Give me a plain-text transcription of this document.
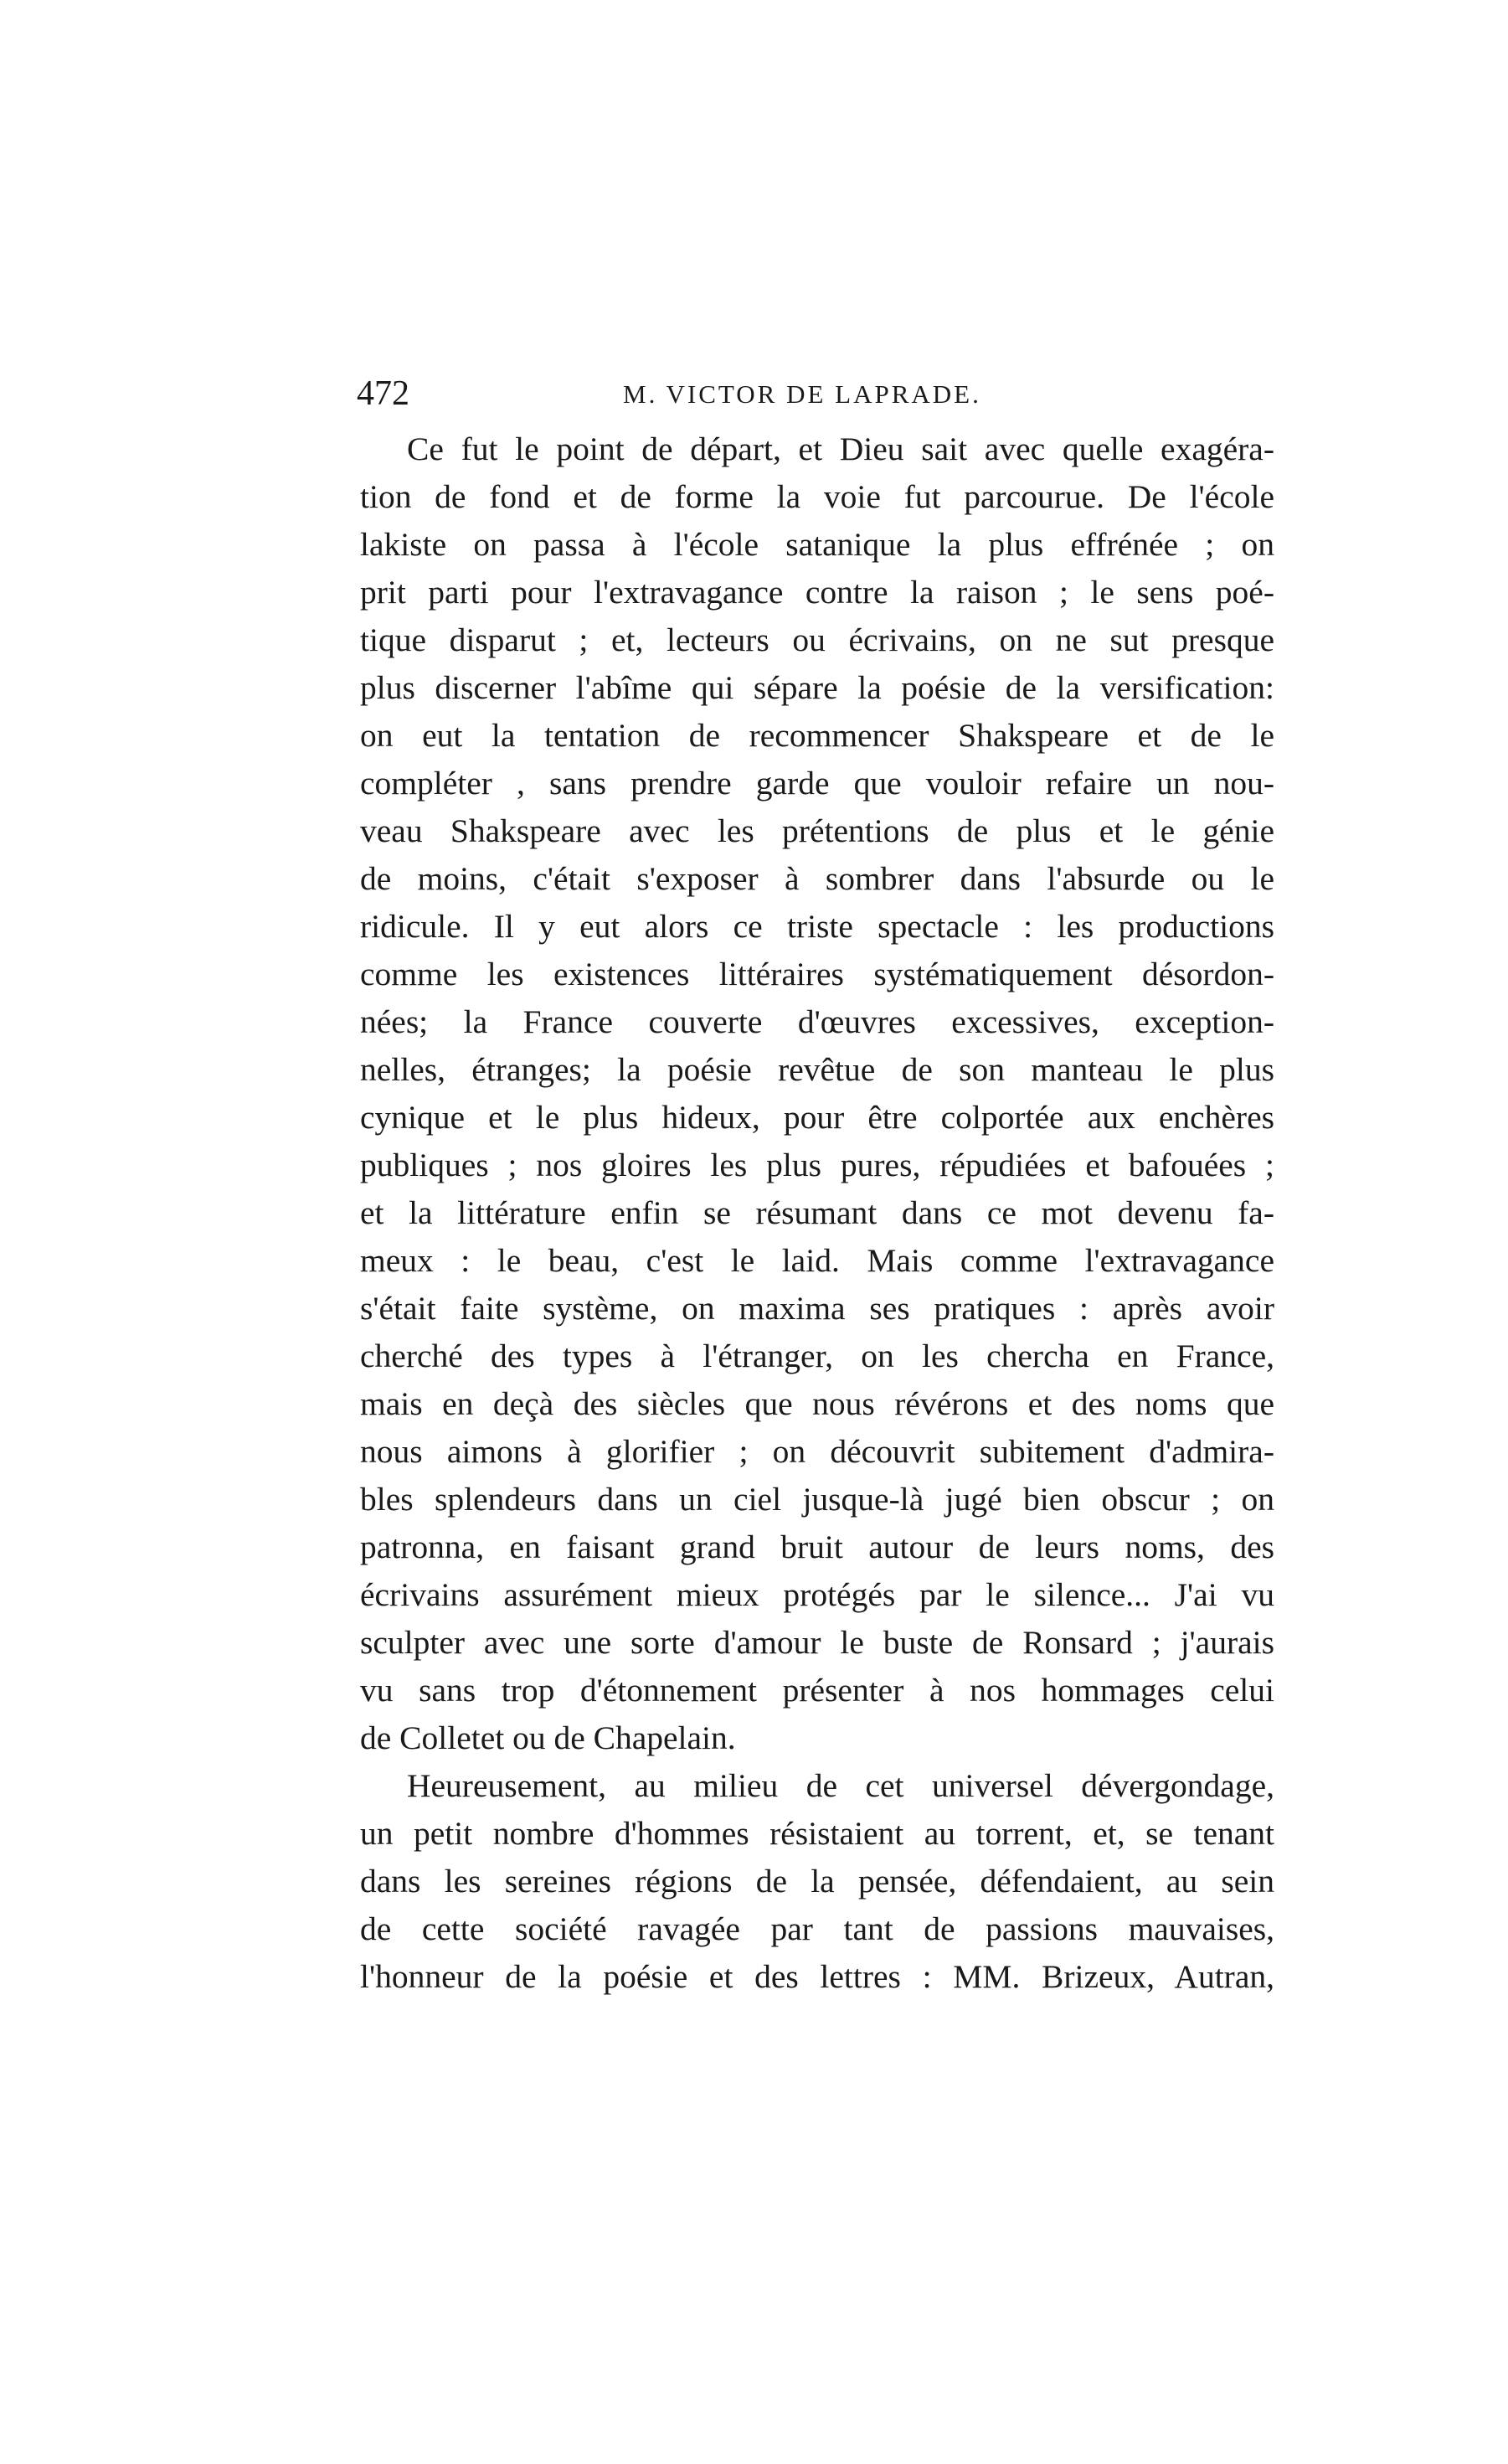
472	M. VICTOR DE LAPRADE.
Ce fut le point de départ, et Dieu sait avec quelle exagéra-
tion de fond et de forme la voie fut parcourue. De l'école
lakiste on passa à l'école satanique la plus effrénée ; on
prit parti pour l'extravagance contre la raison ; le sens poé-
tique disparut ; et, lecteurs ou écrivains, on ne sut presque
plus discerner l'abîme qui sépare la poésie de la versification:
on eut la tentation de recommencer Shakspeare et de le
compléter , sans prendre garde que vouloir refaire un nou-
veau Shakspeare avec les prétentions de plus et le génie
de moins, c'était s'exposer à sombrer dans l'absurde ou le
ridicule. Il y eut alors ce triste spectacle : les productions
comme les existences littéraires systématiquement désordon-
nées; la France couverte d'œuvres excessives, exception-
nelles, étranges; la poésie revêtue de son manteau le plus
cynique et le plus hideux, pour être colportée aux enchères
publiques ; nos gloires les plus pures, répudiées et bafouées ;
et la littérature enfin se résumant dans ce mot devenu fa-
meux : le beau, c'est le laid. Mais comme l'extravagance
s'était faite système, on maxima ses pratiques : après avoir
cherché des types à l'étranger, on les chercha en France,
mais en deçà des siècles que nous révérons et des noms que
nous aimons à glorifier ; on découvrit subitement d'admira-
bles splendeurs dans un ciel jusque-là jugé bien obscur ; on
patronna, en faisant grand bruit autour de leurs noms, des
écrivains assurément mieux protégés par le silence... J'ai vu
sculpter avec une sorte d'amour le buste de Ronsard ; j'aurais
vu sans trop d'étonnement présenter à nos hommages celui
de Colletet ou de Chapelain.
Heureusement, au milieu de cet universel dévergondage,
un petit nombre d'hommes résistaient au torrent, et, se tenant
dans les sereines régions de la pensée, défendaient, au sein
de cette société ravagée par tant de passions mauvaises,
l'honneur de la poésie et des lettres : MM. Brizeux, Autran,
